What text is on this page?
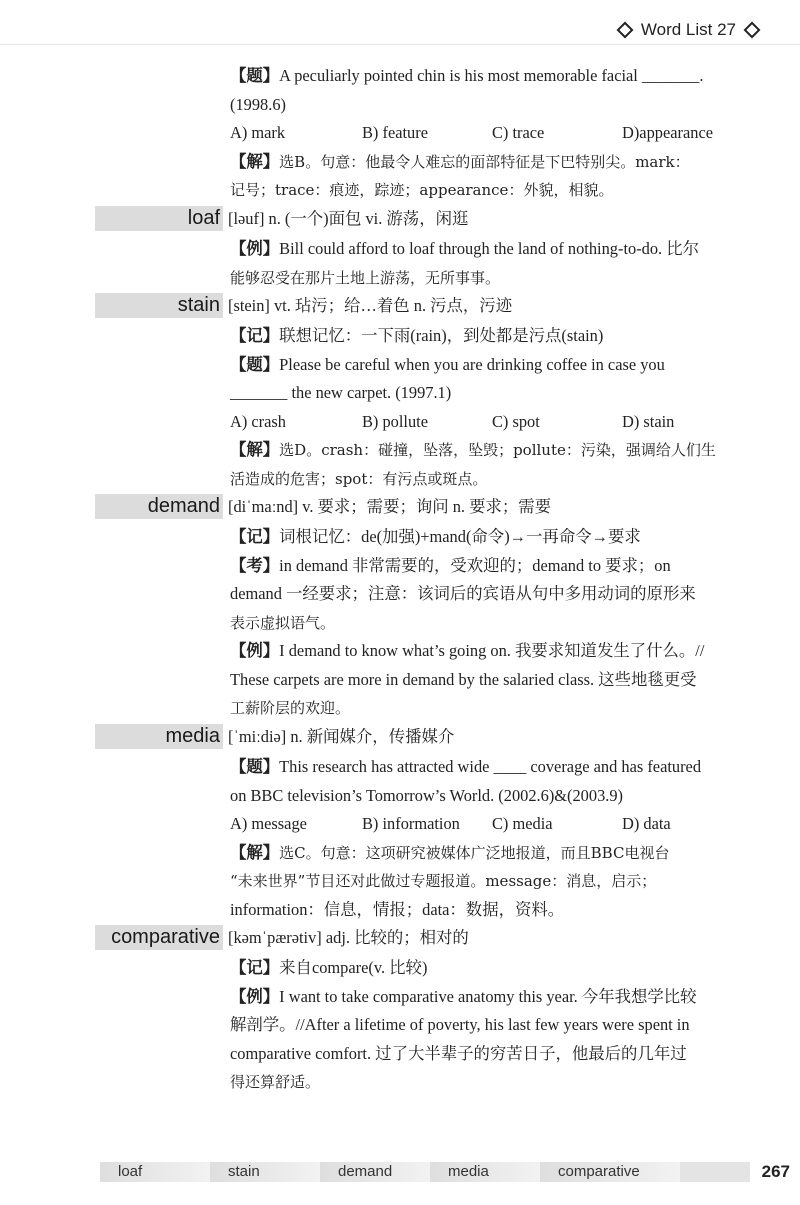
Word List 27

【题】A peculiarly pointed chin is his most memorable facial _______.

(1998.6)

A) mark	B) feature	C) trace	D)appearance

【解】选B。句意：他最令人难忘的面部特征是下巴特别尖。mark：

记号；trace：痕迹，踪迹；appearance：外貌，相貌。

loaf [ləuf] n. (一个)面包 vi. 游荡，闲逛

【例】Bill could afford to loaf through the land of nothing-to-do. 比尔

能够忍受在那片土地上游荡，无所事事。

stain [stein] vt. 玷污；给…着色 n. 污点，污迹

【记】联想记忆：一下雨(rain)，到处都是污点(stain)

【题】Please be careful when you are drinking coffee in case you

_______ the new carpet. (1997.1)

A) crash	B) pollute	C) spot	D) stain

【解】选D。crash：碰撞，坠落，坠毁；pollute：污染，强调给人们生

活造成的危害；spot：有污点或斑点。

demand [diˈmaːnd] v. 要求；需要；询问 n. 要求；需要

【记】词根记忆：de(加强)+mand(命令)→一再命令→要求

【考】in demand 非常需要的，受欢迎的；demand to 要求；on

demand 一经要求；注意：该词后的宾语从句中多用动词的原形来

表示虚拟语气。

【例】I demand to know what’s going on. 我要求知道发生了什么。//

These carpets are more in demand by the salaried class. 这些地毯更受

工薪阶层的欢迎。

media [ˈmiːdiə] n. 新闻媒介，传播媒介

【题】This research has attracted wide ____ coverage and has featured

on BBC television’s Tomorrow’s World. (2002.6)&(2003.9)

A) message	B) information	C) media	D) data

【解】选C。句意：这项研究被媒体广泛地报道，而且BBC电视台

“未来世界”节目还对此做过专题报道。message：消息，启示；

information：信息，情报；data：数据，资料。

comparative [kəmˈpærətiv] adj. 比较的；相对的

【记】来自compare(v. 比较)

【例】I want to take comparative anatomy this year. 今年我想学比较

解剖学。//After a lifetime of poverty, his last few years were spent in

comparative comfort. 过了大半辈子的穷苦日子，他最后的几年过

得还算舒适。

loaf	stain	demand	media	comparative	267
